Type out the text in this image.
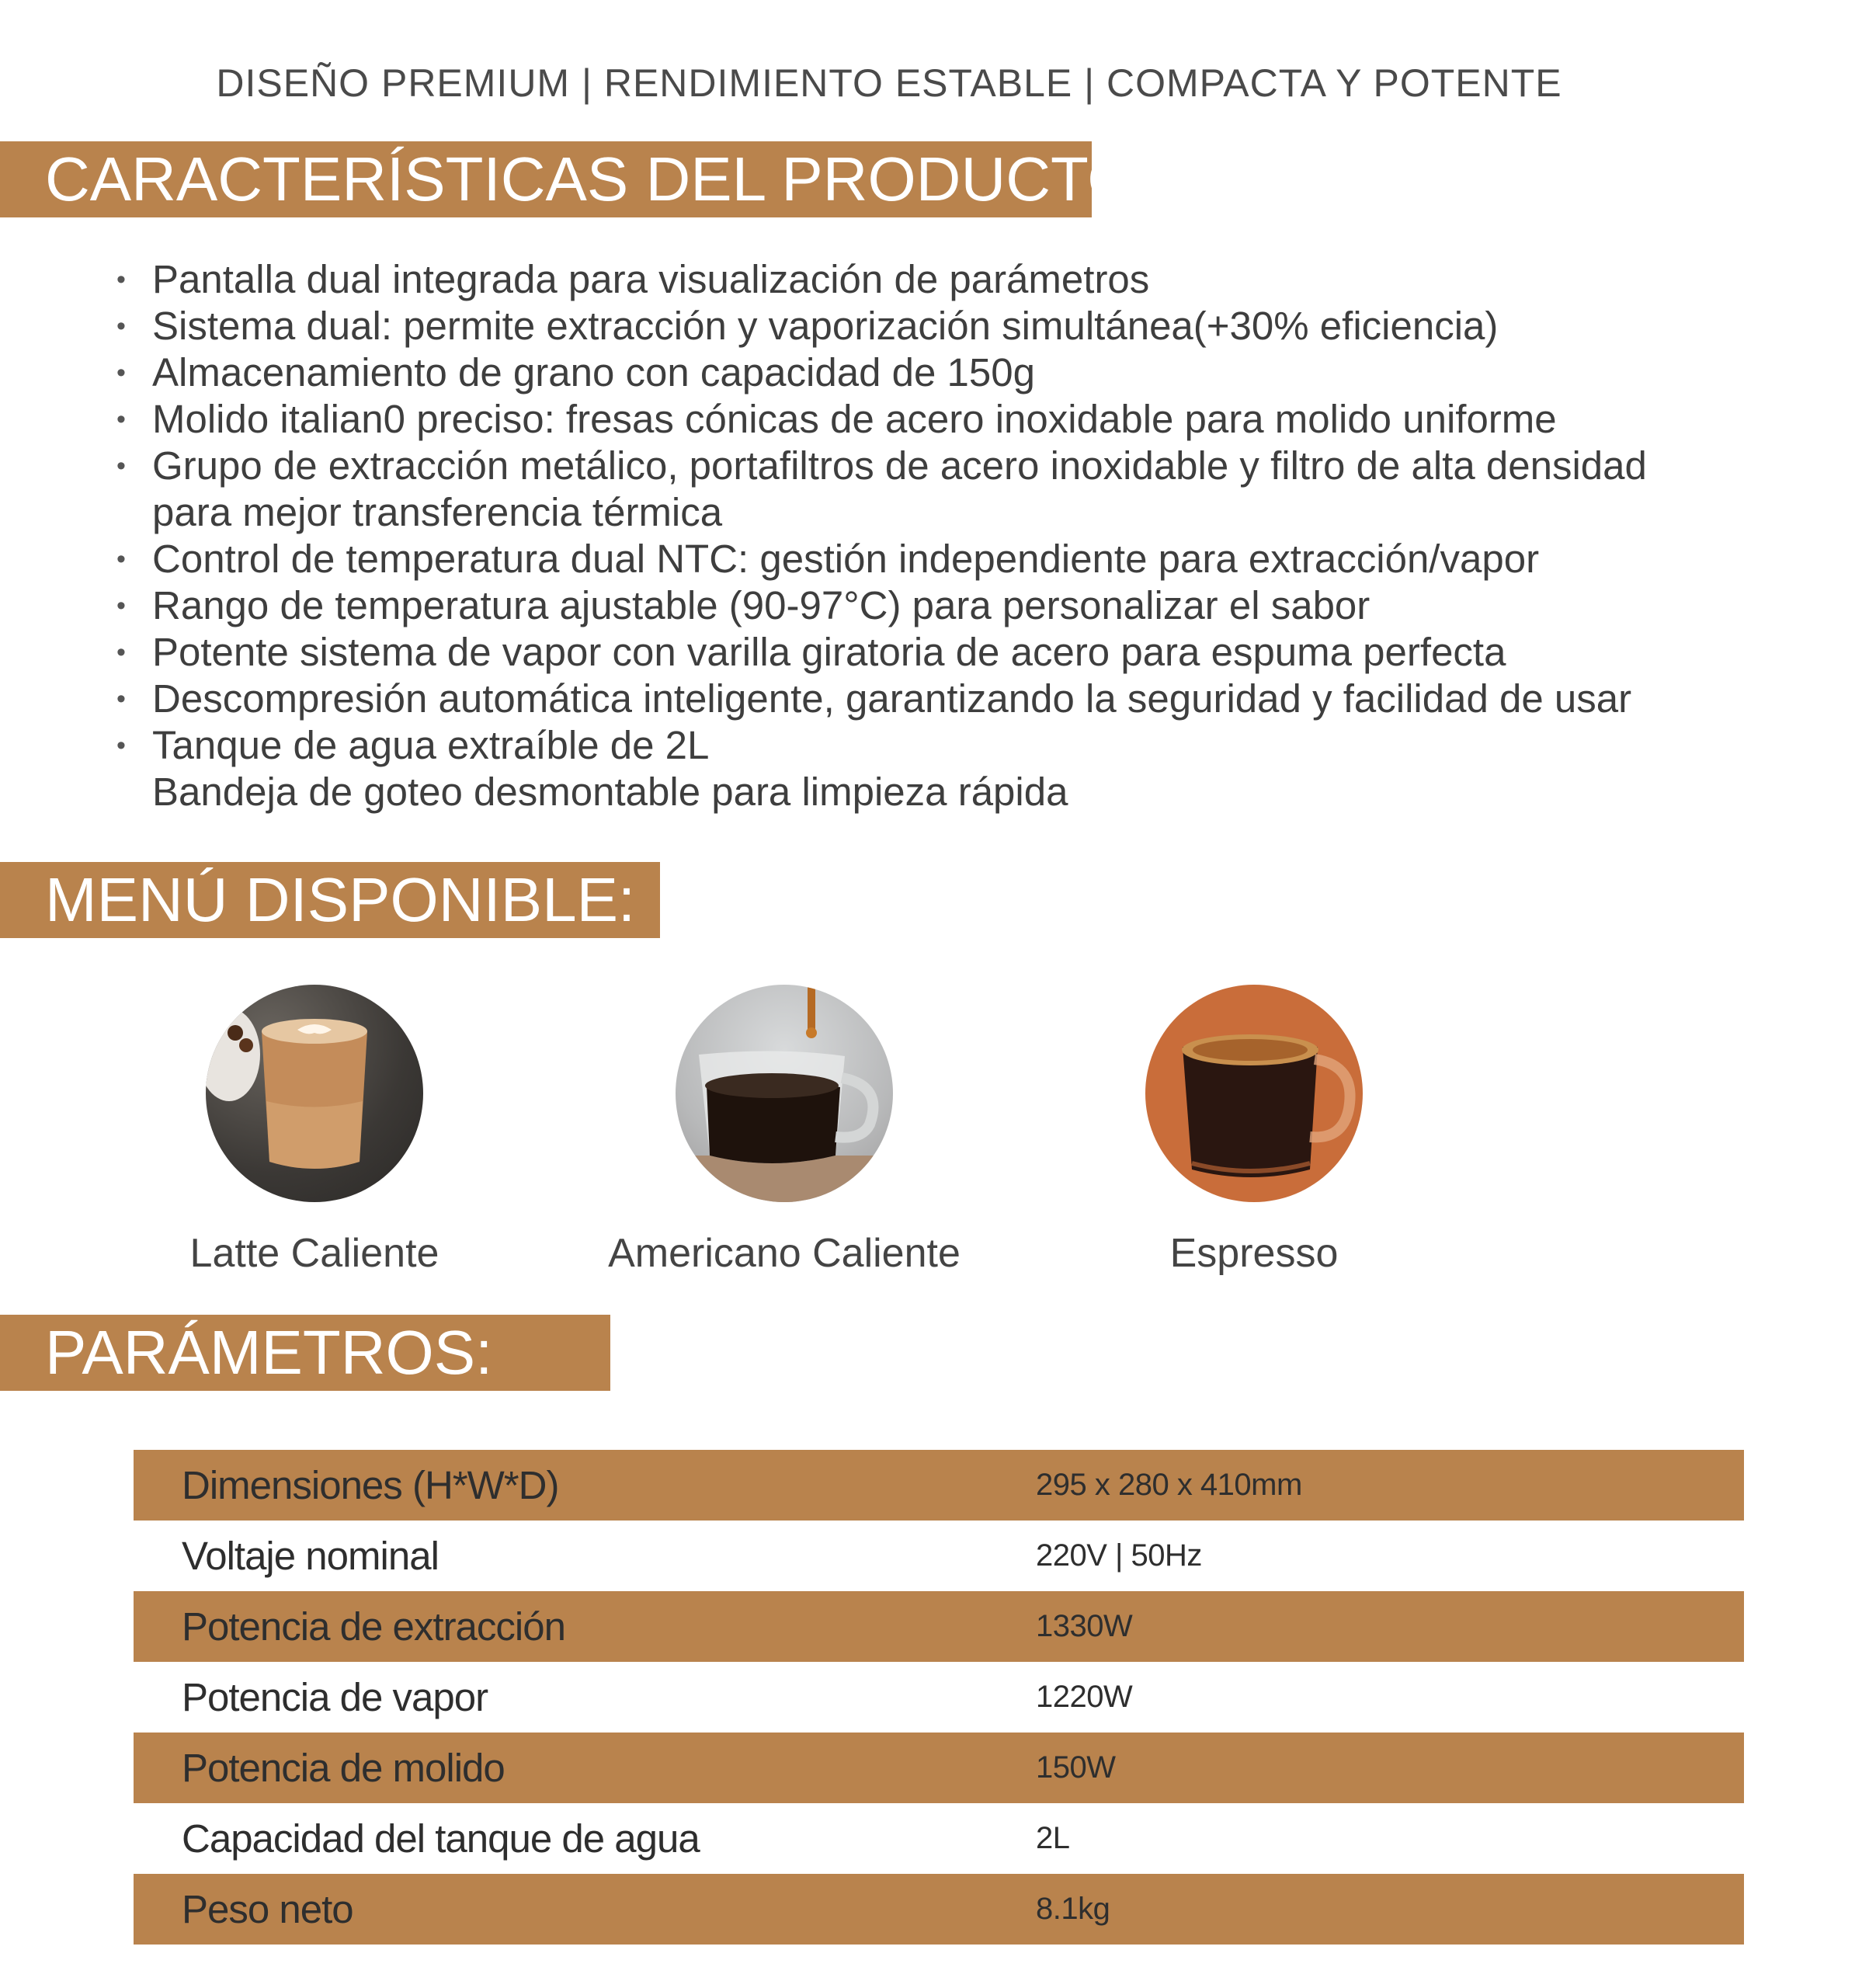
DISEÑO PREMIUM | RENDIMIENTO ESTABLE | COMPACTA Y POTENTE
CARACTERÍSTICAS DEL PRODUCTO:
• Pantalla dual integrada para visualización de parámetros
• Sistema dual: permite extracción y vaporización simultánea(+30% eficiencia)
• Almacenamiento de grano con capacidad de 150g
• Molido italian0 preciso: fresas cónicas de acero inoxidable para molido uniforme
• Grupo de extracción metálico, portafiltros de acero inoxidable y filtro de alta densidad
para mejor transferencia térmica
• Control de temperatura dual NTC: gestión independiente para extracción/vapor
• Rango de temperatura ajustable (90-97°C) para personalizar el sabor
• Potente sistema de vapor con varilla giratoria de acero para espuma perfecta
• Descompresión automática inteligente, garantizando la seguridad y facilidad de usar
• Tanque de agua extraíble de 2L
Bandeja de goteo desmontable para limpieza rápida
MENÚ DISPONIBLE:
Latte Caliente	Americano Caliente	Espresso
PARÁMETROS:
Dimensiones (H*W*D)	295 x 280 x 410mm
Voltaje nominal	220V | 50Hz
Potencia de extracción	1330W
Potencia de vapor	1220W
Potencia de molido	150W
Capacidad del tanque de agua	2L
Peso neto	8.1kg
